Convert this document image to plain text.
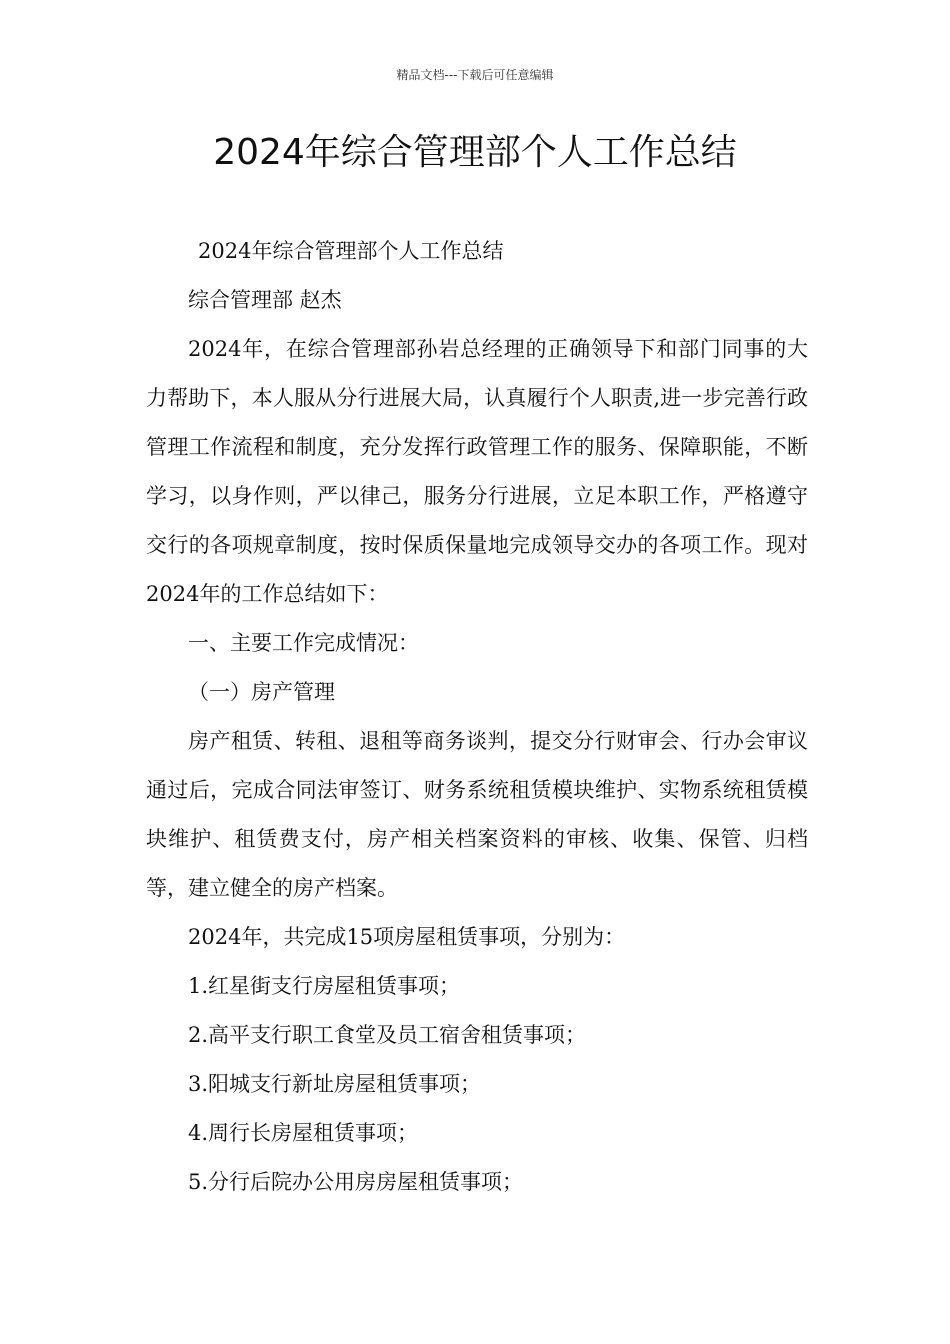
精品文档---下载后可任意编辑
2024年综合管理部个人工作总结

2024年综合管理部个人工作总结

综合管理部 赵杰

2024年，在综合管理部孙岩总经理的正确领导下和部门同事的大力帮助下，本人服从分行进展大局，认真履行个人职责,进一步完善行政管理工作流程和制度，充分发挥行政管理工作的服务、保障职能，不断学习，以身作则，严以律己，服务分行进展，立足本职工作，严格遵守交行的各项规章制度，按时保质保量地完成领导交办的各项工作。现对2024年的工作总结如下：

一、主要工作完成情况：

（一）房产管理

房产租赁、转租、退租等商务谈判，提交分行财审会、行办会审议通过后，完成合同法审签订、财务系统租赁模块维护、实物系统租赁模块维护、租赁费支付，房产相关档案资料的审核、收集、保管、归档等，建立健全的房产档案。

2024年，共完成15项房屋租赁事项，分别为：

1.红星街支行房屋租赁事项；

2.高平支行职工食堂及员工宿舍租赁事项；

3.阳城支行新址房屋租赁事项；

4.周行长房屋租赁事项；

5.分行后院办公用房房屋租赁事项；
